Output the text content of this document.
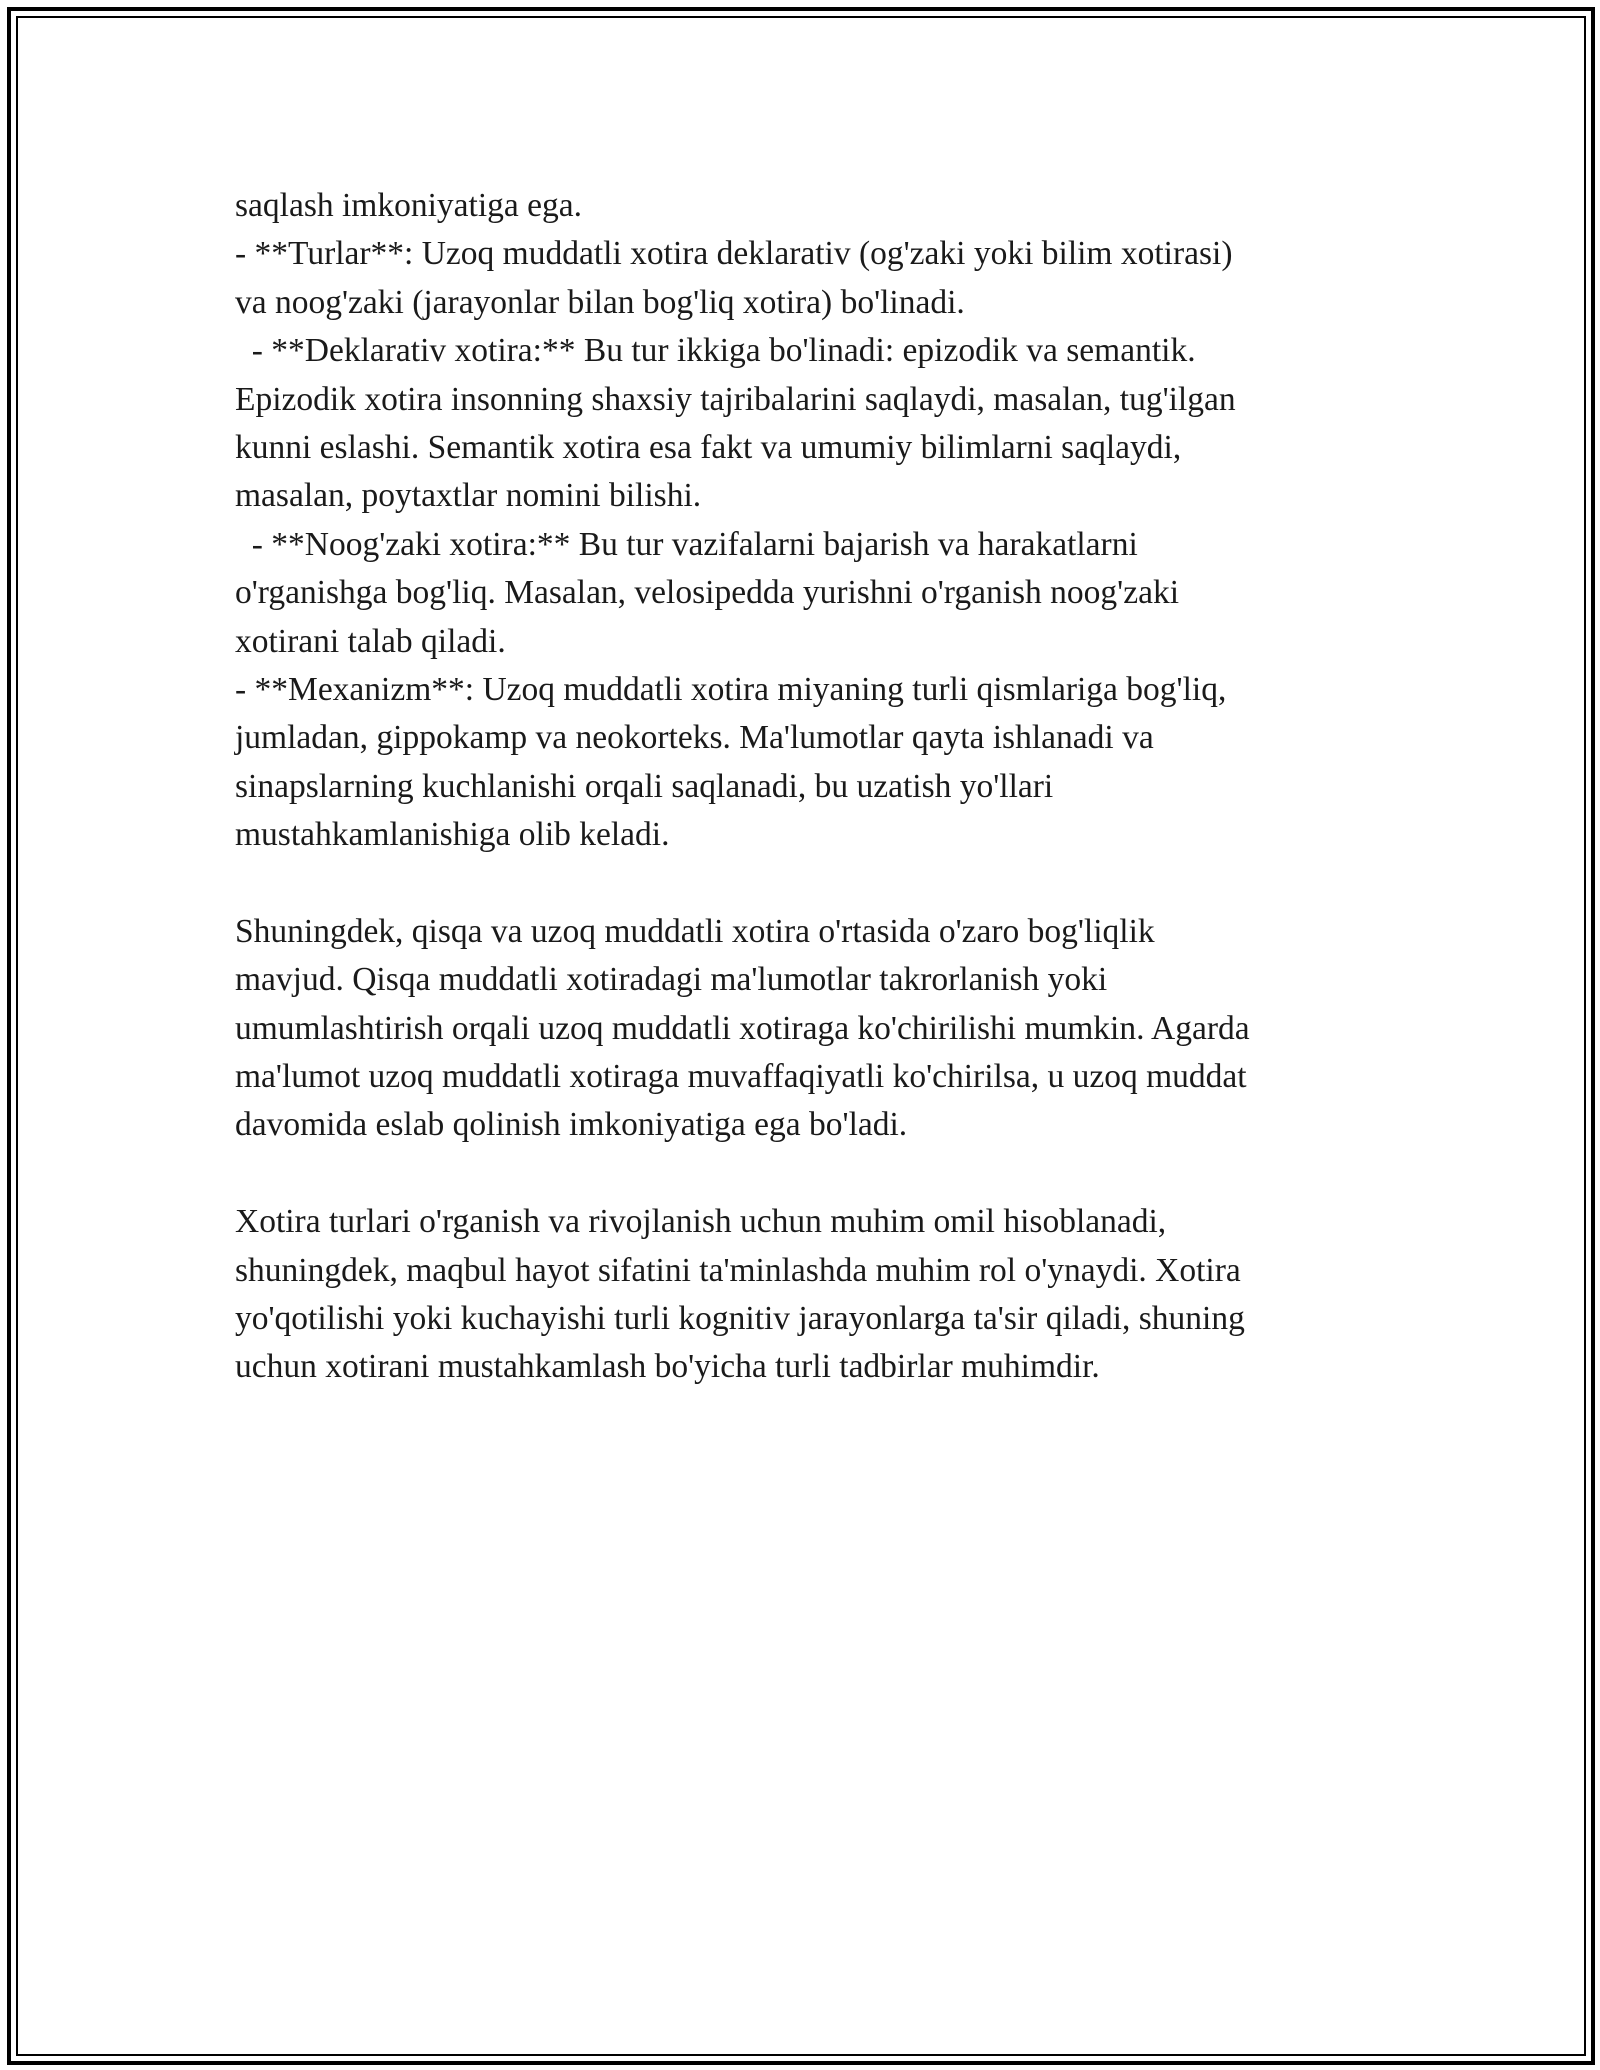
saqlash imkoniyatiga ega.
- **Turlar**: Uzoq muddatli xotira deklarativ (og'zaki yoki bilim xotirasi)
va noog'zaki (jarayonlar bilan bog'liq xotira) bo'linadi.
- **Deklarativ xotira:** Bu tur ikkiga bo'linadi: epizodik va semantik.
Epizodik xotira insonning shaxsiy tajribalarini saqlaydi, masalan, tug'ilgan
kunni eslashi. Semantik xotira esa fakt va umumiy bilimlarni saqlaydi,
masalan, poytaxtlar nomini bilishi.
- **Noog'zaki xotira:** Bu tur vazifalarni bajarish va harakatlarni
o'rganishga bog'liq. Masalan, velosipedda yurishni o'rganish noog'zaki
xotirani talab qiladi.
- **Mexanizm**: Uzoq muddatli xotira miyaning turli qismlariga bog'liq,
jumladan, gippokamp va neokorteks. Ma'lumotlar qayta ishlanadi va
sinapslarning kuchlanishi orqali saqlanadi, bu uzatish yo'llari
mustahkamlanishiga olib keladi.
Shuningdek, qisqa va uzoq muddatli xotira o'rtasida o'zaro bog'liqlik
mavjud. Qisqa muddatli xotiradagi ma'lumotlar takrorlanish yoki
umumlashtirish orqali uzoq muddatli xotiraga ko'chirilishi mumkin. Agarda
ma'lumot uzoq muddatli xotiraga muvaffaqiyatli ko'chirilsa, u uzoq muddat
davomida eslab qolinish imkoniyatiga ega bo'ladi.
Xotira turlari o'rganish va rivojlanish uchun muhim omil hisoblanadi,
shuningdek, maqbul hayot sifatini ta'minlashda muhim rol o'ynaydi. Xotira
yo'qotilishi yoki kuchayishi turli kognitiv jarayonlarga ta'sir qiladi, shuning
uchun xotirani mustahkamlash bo'yicha turli tadbirlar muhimdir.
